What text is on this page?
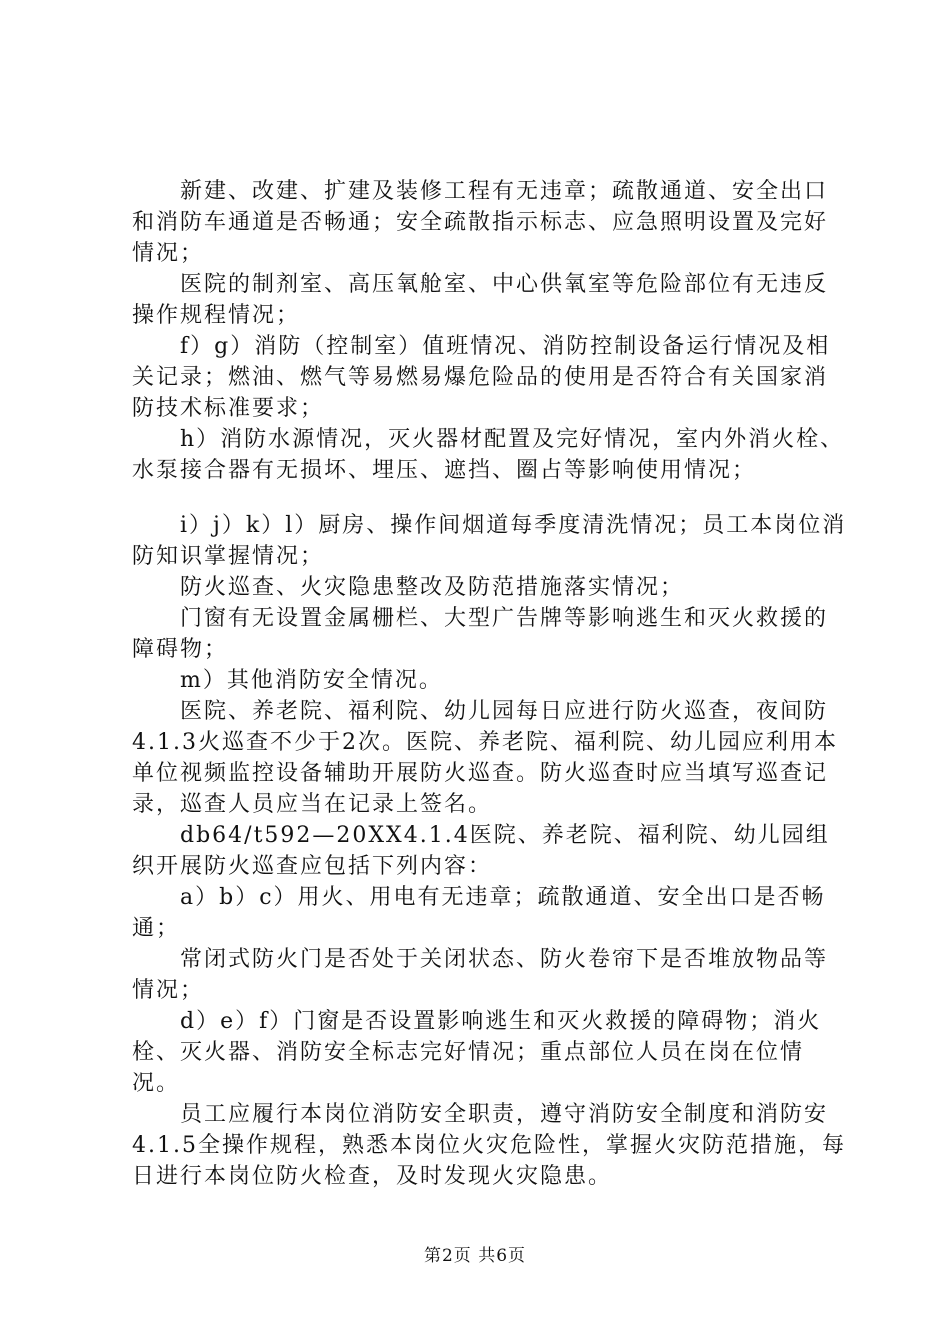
新建、改建、扩建及装修工程有无违章；疏散通道、安全出口和消防车通道是否畅通；安全疏散指示标志、应急照明设置及完好情况；

医院的制剂室、高压氧舱室、中心供氧室等危险部位有无违反操作规程情况；

f）g）消防（控制室）值班情况、消防控制设备运行情况及相关记录；燃油、燃气等易燃易爆危险品的使用是否符合有关国家消防技术标准要求；

h）消防水源情况，灭火器材配置及完好情况，室内外消火栓、水泵接合器有无损坏、埋压、遮挡、圈占等影响使用情况；

i）j）k）l）厨房、操作间烟道每季度清洗情况；员工本岗位消防知识掌握情况；

防火巡查、火灾隐患整改及防范措施落实情况；

门窗有无设置金属栅栏、大型广告牌等影响逃生和灭火救援的障碍物；

m）其他消防安全情况。

医院、养老院、福利院、幼儿园每日应进行防火巡查，夜间防4.1.3火巡查不少于2次。医院、养老院、福利院、幼儿园应利用本单位视频监控设备辅助开展防火巡查。防火巡查时应当填写巡查记录，巡查人员应当在记录上签名。

db64/t592—20XX4.1.4医院、养老院、福利院、幼儿园组织开展防火巡查应包括下列内容：

a）b）c）用火、用电有无违章；疏散通道、安全出口是否畅通；

常闭式防火门是否处于关闭状态、防火卷帘下是否堆放物品等情况；

d）e）f）门窗是否设置影响逃生和灭火救援的障碍物；消火栓、灭火器、消防安全标志完好情况；重点部位人员在岗在位情况。

员工应履行本岗位消防安全职责，遵守消防安全制度和消防安4.1.5全操作规程，熟悉本岗位火灾危险性，掌握火灾防范措施，每日进行本岗位防火检查，及时发现火灾隐患。

第2页 共6页
